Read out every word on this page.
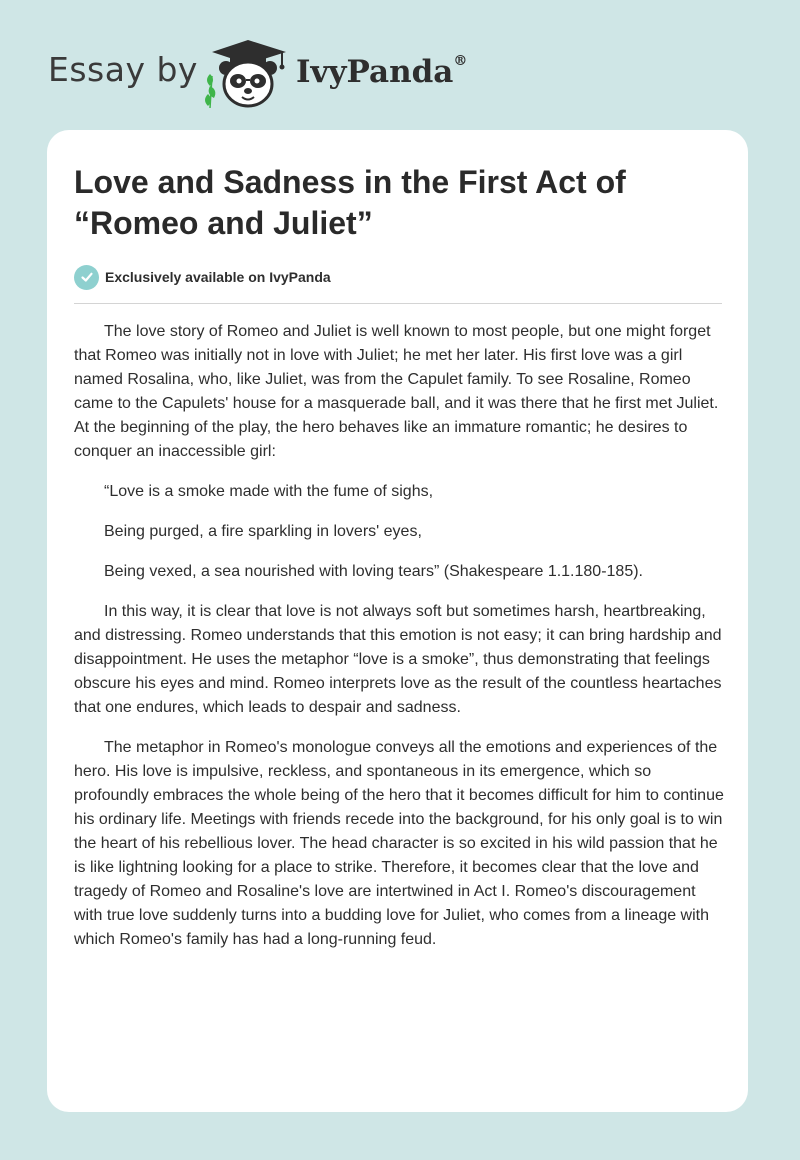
Essay by	IvyPanda®
Love and Sadness in the First Act of “Romeo and Juliet”
Exclusively available on IvyPanda

The love story of Romeo and Juliet is well known to most people, but one might forget that Romeo was initially not in love with Juliet; he met her later. His first love was a girl named Rosalina, who, like Juliet, was from the Capulet family. To see Rosaline, Romeo came to the Capulets' house for a masquerade ball, and it was there that he first met Juliet. At the beginning of the play, the hero behaves like an immature romantic; he desires to conquer an inaccessible girl:

“Love is a smoke made with the fume of sighs,

Being purged, a fire sparkling in lovers' eyes,

Being vexed, a sea nourished with loving tears” (Shakespeare 1.1.180-185).

In this way, it is clear that love is not always soft but sometimes harsh, heartbreaking, and distressing. Romeo understands that this emotion is not easy; it can bring hardship and disappointment. He uses the metaphor “love is a smoke”, thus demonstrating that feelings obscure his eyes and mind. Romeo interprets love as the result of the countless heartaches that one endures, which leads to despair and sadness.

The metaphor in Romeo's monologue conveys all the emotions and experiences of the hero. His love is impulsive, reckless, and spontaneous in its emergence, which so profoundly embraces the whole being of the hero that it becomes difficult for him to continue his ordinary life. Meetings with friends recede into the background, for his only goal is to win the heart of his rebellious lover. The head character is so excited in his wild passion that he is like lightning looking for a place to strike. Therefore, it becomes clear that the love and tragedy of Romeo and Rosaline's love are intertwined in Act I. Romeo's discouragement with true love suddenly turns into a budding love for Juliet, who comes from a lineage with which Romeo's family has had a long-running feud.
